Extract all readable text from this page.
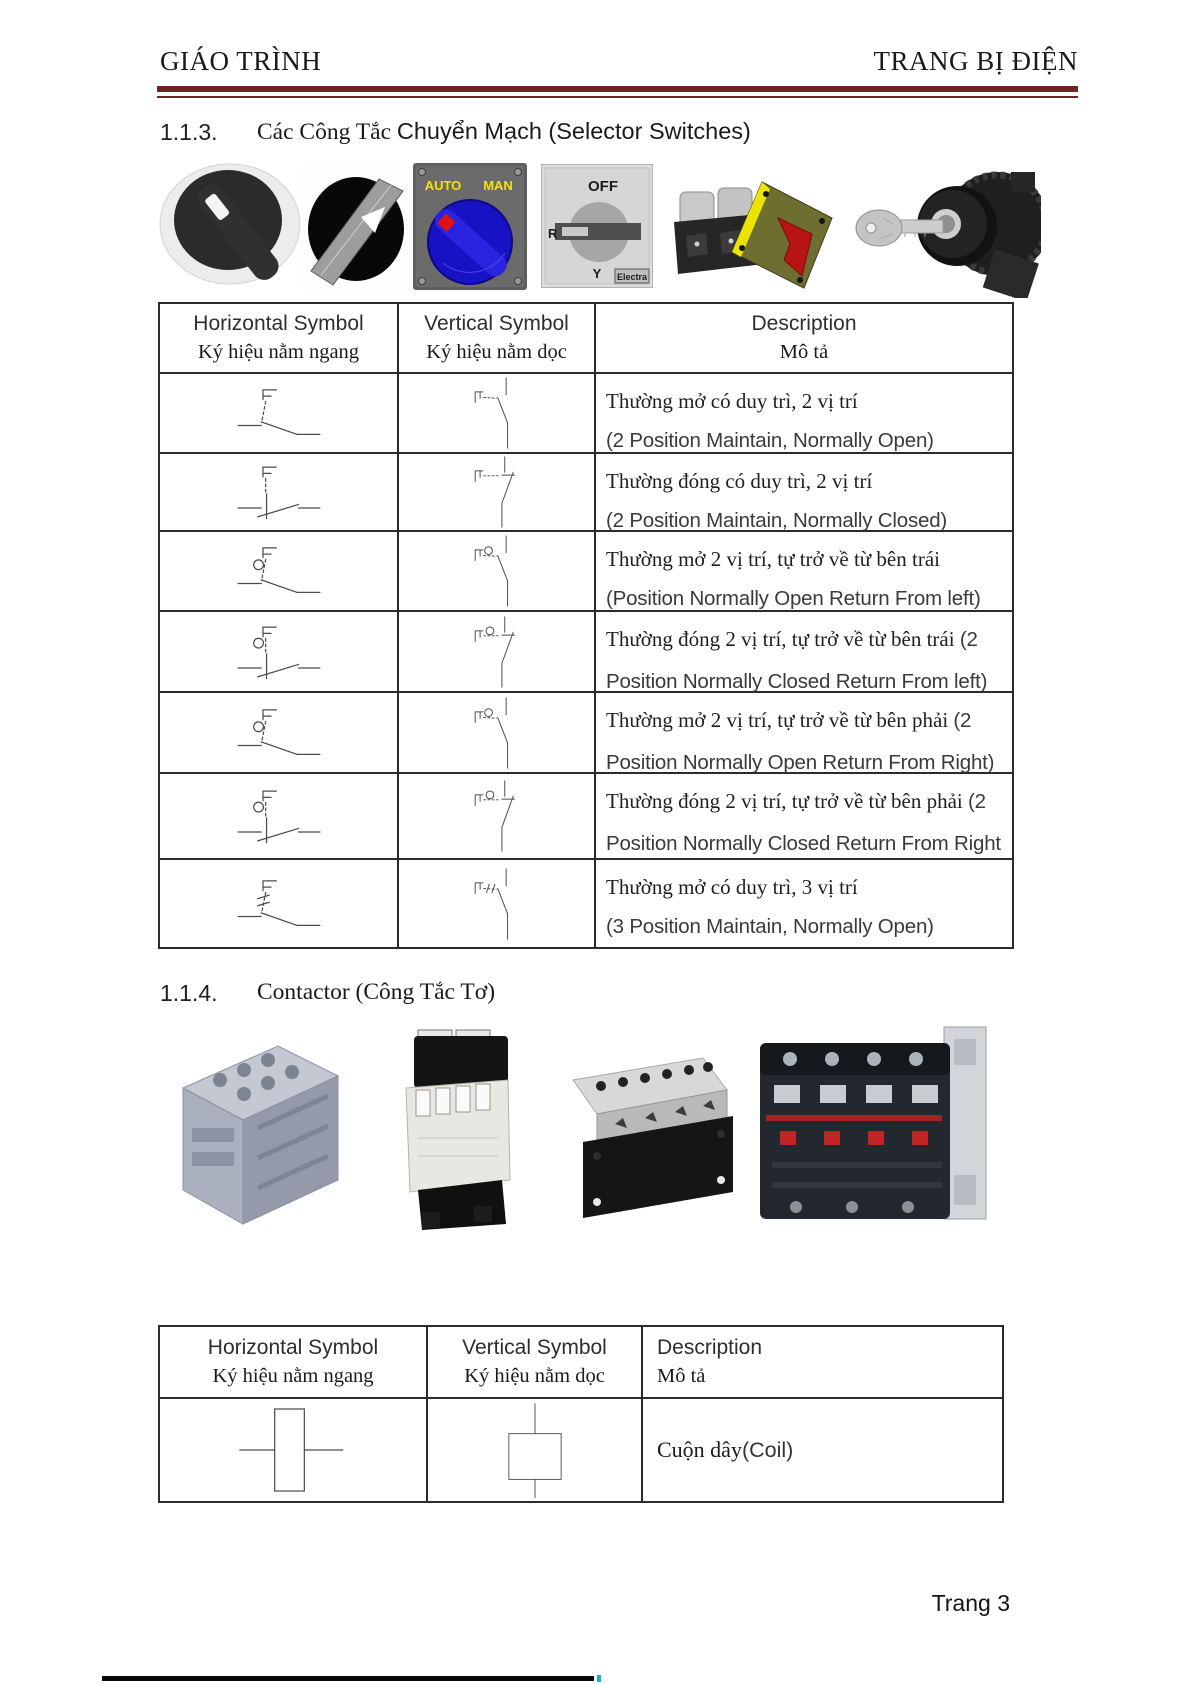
GIÁO TRÌNH	TRANG BỊ ĐIỆN
1.1.3. Các Công Tắc Chuyển Mạch (Selector Switches)
AUTO MAN	OFF
R
Y Electra
Horizontal Symbol
Ký hiệu nằm ngang
Vertical Symbol
Ký hiệu nằm dọc
Description
Mô tả
Thường mở có duy trì, 2 vị trí
(2 Position Maintain, Normally Open)
Thường đóng có duy trì, 2 vị trí
(2 Position Maintain, Normally Closed)
Thường mở 2 vị trí, tự trở về từ bên trái
(Position Normally Open Return From left)
Thường đóng 2 vị trí, tự trở về từ bên trái (2 Position Normally Closed Return From left)
Thường mở 2 vị trí, tự trở về từ bên phải (2 Position Normally Open Return From Right)
Thường đóng 2 vị trí, tự trở về từ bên phải (2 Position Normally Closed Return From Right
Thường mở có duy trì, 3 vị trí
(3 Position Maintain, Normally Open)
1.1.4. Contactor (Công Tắc Tơ)
Horizontal Symbol
Ký hiệu nằm ngang
Vertical Symbol
Ký hiệu nằm dọc
Description
Mô tả
Cuộn dây (Coil)
Trang 3
